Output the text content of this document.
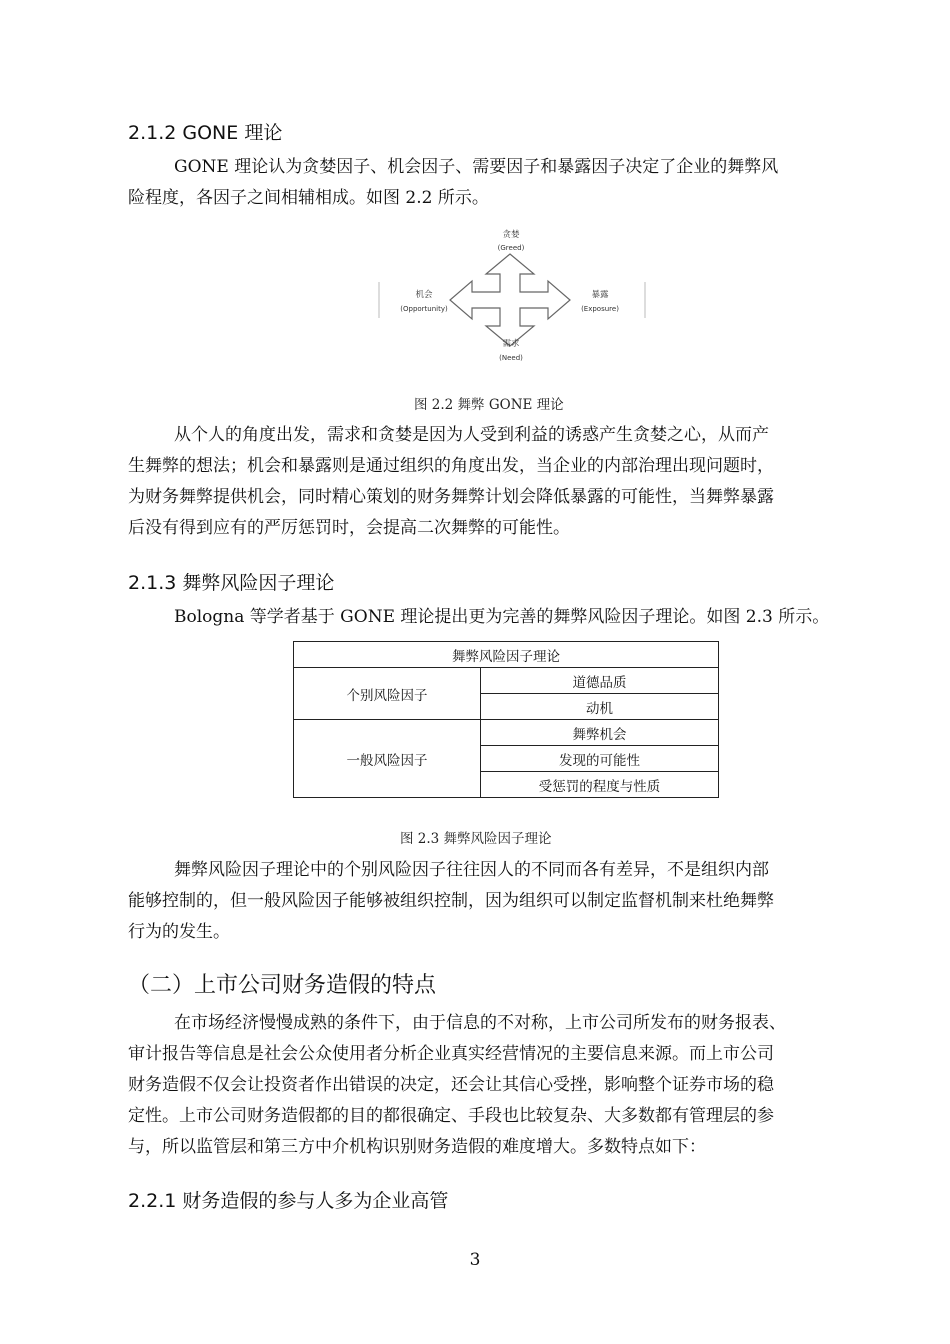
2.1.2 GONE 理论
GONE 理论认为贪婪因子、机会因子、需要因子和暴露因子决定了企业的舞弊风
险程度，各因子之间相辅相成。如图 2.2 所示。
贪婪
(Greed)
机会
(Opportunity)
暴露
(Exposure)
需求
(Need)
图 2.2 舞弊 GONE 理论
从个人的角度出发，需求和贪婪是因为人受到利益的诱惑产生贪婪之心，从而产
生舞弊的想法；机会和暴露则是通过组织的角度出发，当企业的内部治理出现问题时，
为财务舞弊提供机会，同时精心策划的财务舞弊计划会降低暴露的可能性，当舞弊暴露
后没有得到应有的严厉惩罚时，会提高二次舞弊的可能性。
2.1.3 舞弊风险因子理论
Bologna 等学者基于 GONE 理论提出更为完善的舞弊风险因子理论。如图 2.3 所示。
舞弊风险因子理论	
个别风险因子	道德品质
	动机
一般风险因子	舞弊机会
	发现的可能性
	受惩罚的程度与性质
图 2.3 舞弊风险因子理论
舞弊风险因子理论中的个别风险因子往往因人的不同而各有差异，不是组织内部
能够控制的，但一般风险因子能够被组织控制，因为组织可以制定监督机制来杜绝舞弊
行为的发生。
（二）上市公司财务造假的特点
在市场经济慢慢成熟的条件下，由于信息的不对称，上市公司所发布的财务报表、
审计报告等信息是社会公众使用者分析企业真实经营情况的主要信息来源。而上市公司
财务造假不仅会让投资者作出错误的决定，还会让其信心受挫，影响整个证券市场的稳
定性。上市公司财务造假都的目的都很确定、手段也比较复杂、大多数都有管理层的参
与，所以监管层和第三方中介机构识别财务造假的难度增大。多数特点如下：
2.2.1 财务造假的参与人多为企业高管
3
